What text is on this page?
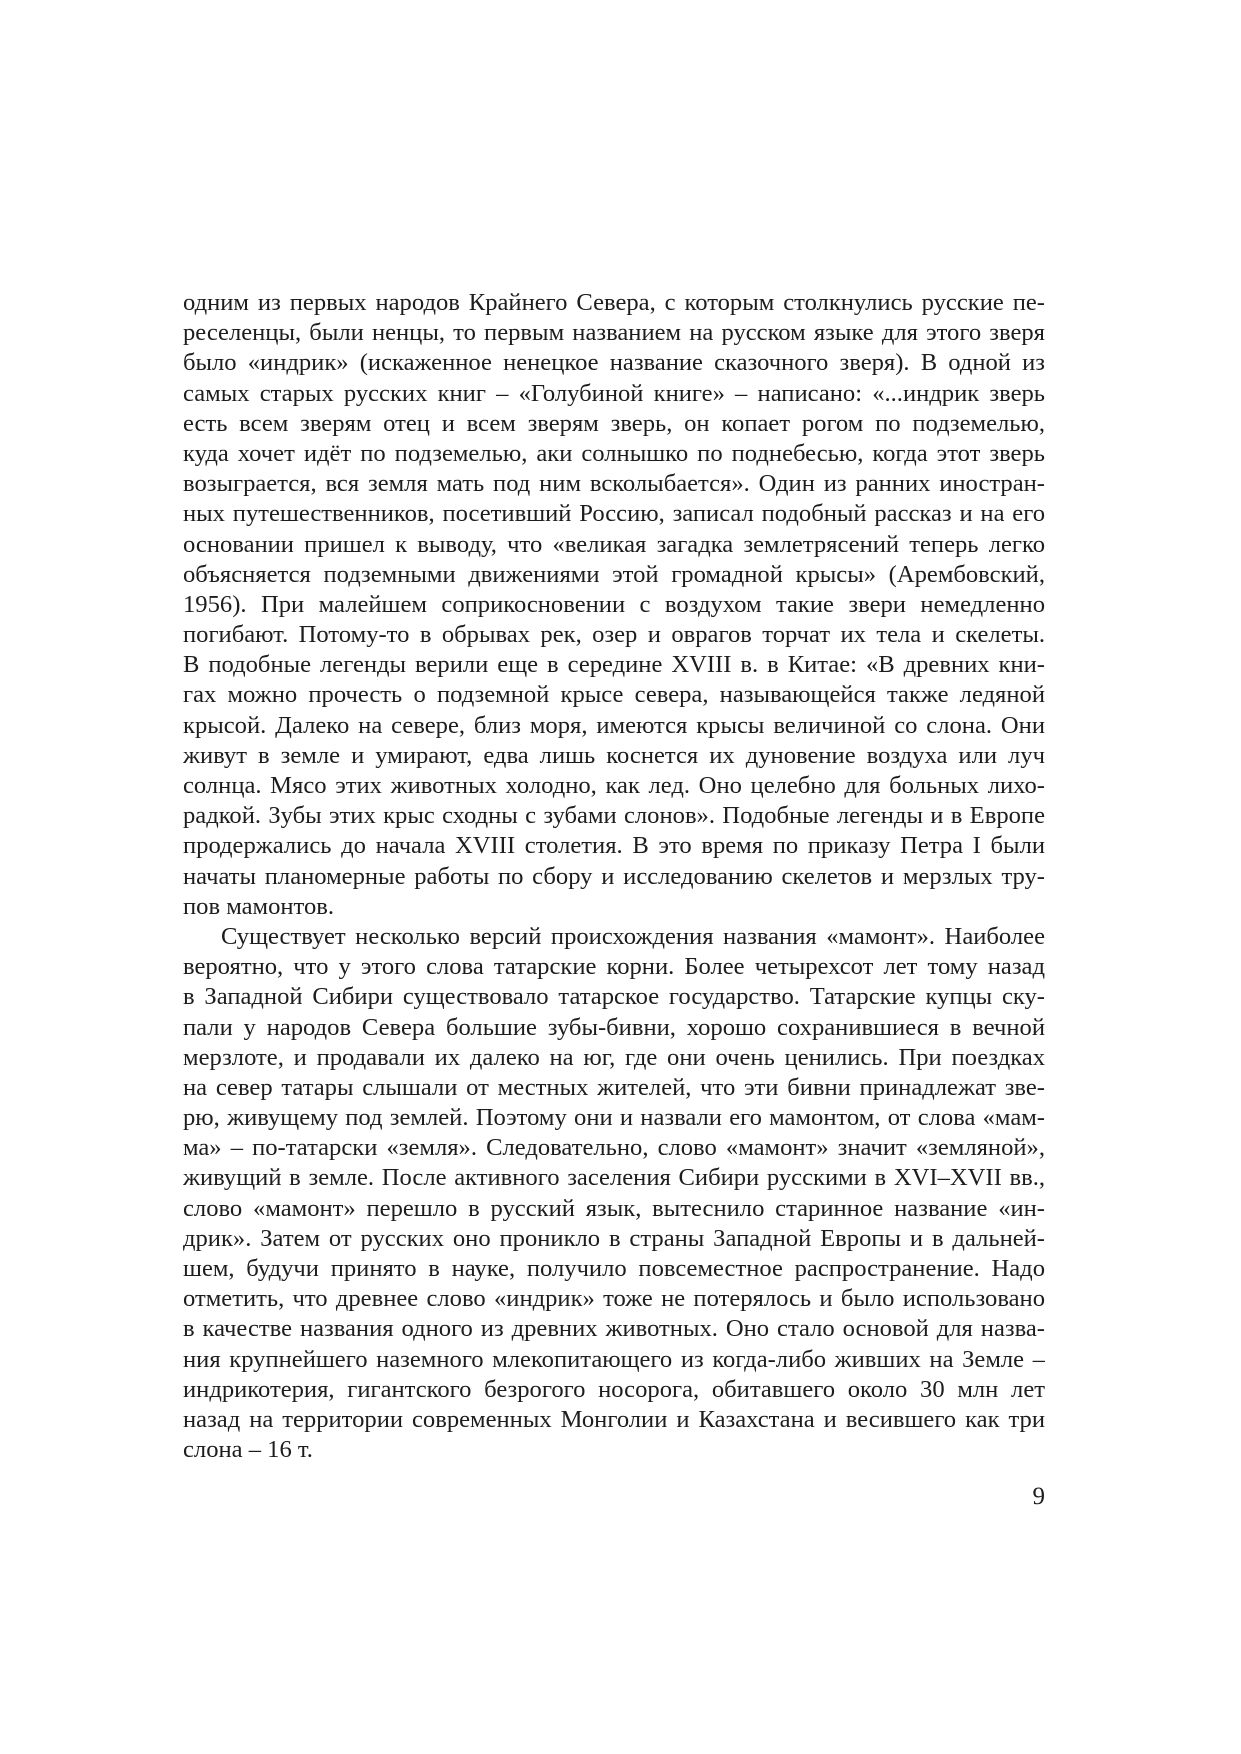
одним из первых народов Крайнего Севера, с которым столкнулись русские пе-
реселенцы, были ненцы, то первым названием на русском языке для этого зверя
было «индрик» (искаженное ненецкое название сказочного зверя). В одной из
самых старых русских книг – «Голубиной книге» – написано: «...индрик зверь
есть всем зверям отец и всем зверям зверь, он копает рогом по подземелью,
куда хочет идёт по подземелью, аки солнышко по поднебесью, когда этот зверь
возыграется, вся земля мать под ним всколыбается». Один из ранних иностран-
ных путешественников, посетивший Россию, записал подобный рассказ и на его
основании пришел к выводу, что «великая загадка землетрясений теперь легко
объясняется подземными движениями этой громадной крысы» (Арембовский,
1956). При малейшем соприкосновении с воздухом такие звери немедленно
погибают. Потому-то в обрывах рек, озер и оврагов торчат их тела и скелеты.
В подобные легенды верили еще в середине XVIII в. в Китае: «В древних кни-
гах можно прочесть о подземной крысе севера, называющейся также ледяной
крысой. Далеко на севере, близ моря, имеются крысы величиной со слона. Они
живут в земле и умирают, едва лишь коснется их дуновение воздуха или луч
солнца. Мясо этих животных холодно, как лед. Оно целебно для больных лихо-
радкой. Зубы этих крыс сходны с зубами слонов». Подобные легенды и в Европе
продержались до начала XVIII столетия. В это время по приказу Петра I были
начаты планомерные работы по сбору и исследованию скелетов и мерзлых тру-
пов мамонтов.
Существует несколько версий происхождения названия «мамонт». Наиболее
вероятно, что у этого слова татарские корни. Более четырехсот лет тому назад
в Западной Сибири существовало татарское государство. Татарские купцы ску-
пали у народов Севера большие зубы-бивни, хорошо сохранившиеся в вечной
мерзлоте, и продавали их далеко на юг, где они очень ценились. При поездках
на север татары слышали от местных жителей, что эти бивни принадлежат зве-
рю, живущему под землей. Поэтому они и назвали его мамонтом, от слова «мам-
ма» – по-татарски «земля». Следовательно, слово «мамонт» значит «земляной»,
живущий в земле. После активного заселения Сибири русскими в XVI–XVII вв.,
слово «мамонт» перешло в русский язык, вытеснило старинное название «ин-
дрик». Затем от русских оно проникло в страны Западной Европы и в дальней-
шем, будучи принято в науке, получило повсеместное распространение. Надо
отметить, что древнее слово «индрик» тоже не потерялось и было использовано
в качестве названия одного из древних животных. Оно стало основой для назва-
ния крупнейшего наземного млекопитающего из когда-либо живших на Земле –
индрикотерия, гигантского безрогого носорога, обитавшего около 30 млн лет
назад на территории современных Монголии и Казахстана и весившего как три
слона – 16 т.
9
